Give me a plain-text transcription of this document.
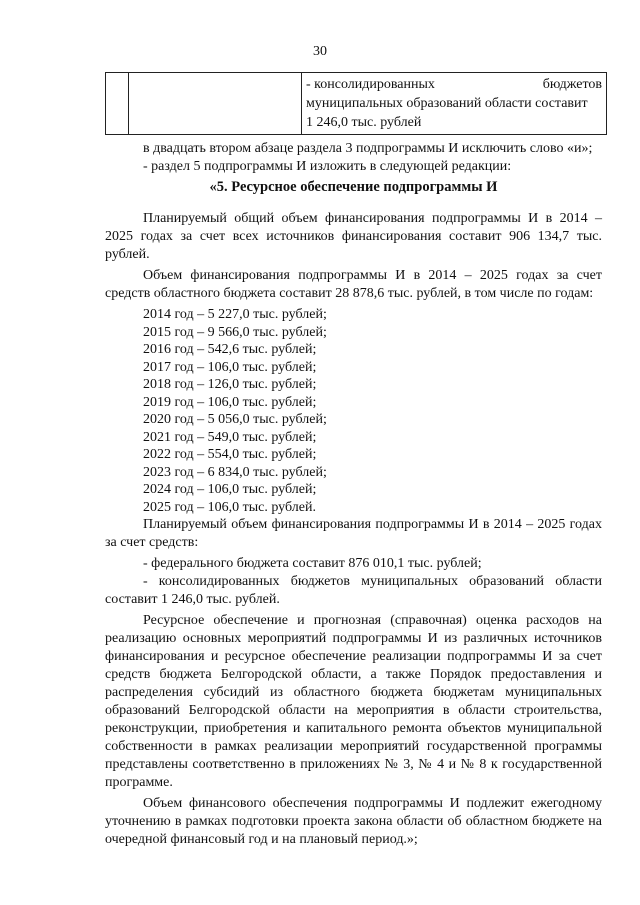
30

- консолидированных	бюджетов
муниципальных образований области составит
1 246,0 тыс. рублей

в двадцать втором абзаце раздела 3 подпрограммы И исключить слово «и»;

- раздел 5 подпрограммы И изложить в следующей редакции:

«5. Ресурсное обеспечение подпрограммы И

Планируемый общий объем финансирования подпрограммы И в 2014 – 2025 годах за счет всех источников финансирования составит 906 134,7 тыс. рублей.

Объем финансирования подпрограммы И в 2014 – 2025 годах за счет средств областного бюджета составит 28 878,6 тыс. рублей, в том числе по годам:

2014 год – 5 227,0 тыс. рублей;
2015 год – 9 566,0 тыс. рублей;
2016 год – 542,6 тыс. рублей;
2017 год – 106,0 тыс. рублей;
2018 год – 126,0 тыс. рублей;
2019 год – 106,0 тыс. рублей;
2020 год – 5 056,0 тыс. рублей;
2021 год – 549,0 тыс. рублей;
2022 год – 554,0 тыс. рублей;
2023 год – 6 834,0 тыс. рублей;
2024 год – 106,0 тыс. рублей;
2025 год – 106,0 тыс. рублей.

Планируемый объем финансирования подпрограммы И в 2014 – 2025 годах за счет средств:

- федерального бюджета составит 876 010,1 тыс. рублей;

- консолидированных бюджетов муниципальных образований области составит 1 246,0 тыс. рублей.

Ресурсное обеспечение и прогнозная (справочная) оценка расходов на реализацию основных мероприятий подпрограммы И из различных источников финансирования и ресурсное обеспечение реализации подпрограммы И за счет средств бюджета Белгородской области, а также Порядок предоставления и распределения субсидий из областного бюджета бюджетам муниципальных образований Белгородской области на мероприятия в области строительства, реконструкции, приобретения и капитального ремонта объектов муниципальной собственности в рамках реализации мероприятий государственной программы представлены соответственно в приложениях № 3, № 4 и № 8 к государственной программе.

Объем финансового обеспечения подпрограммы И подлежит ежегодному уточнению в рамках подготовки проекта закона области об областном бюджете на очередной финансовый год и на плановый период.»;
